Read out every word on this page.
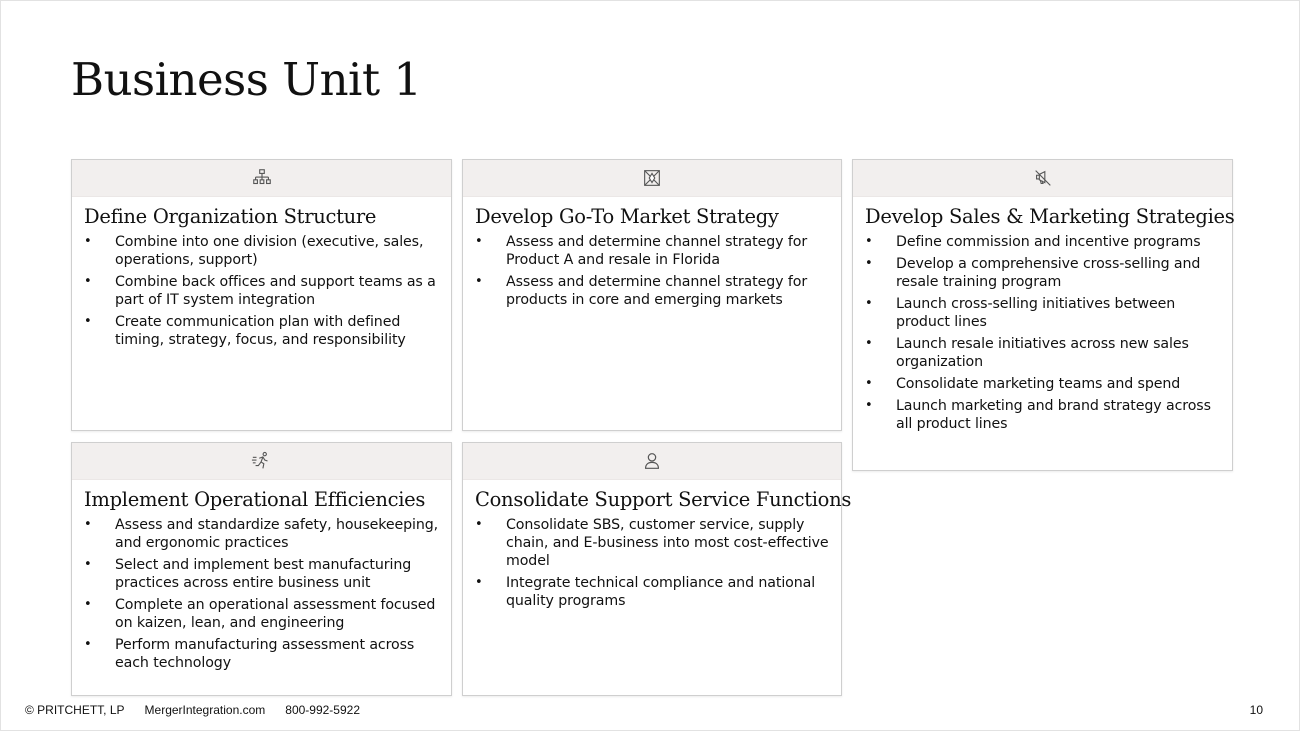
Business Unit 1
Define Organization Structure
• Combine into one division (executive, sales, operations, support)
• Combine back offices and support teams as a part of IT system integration
• Create communication plan with defined timing, strategy, focus, and responsibility
Develop Go-To Market Strategy
• Assess and determine channel strategy for Product A and resale in Florida
• Assess and determine channel strategy for products in core and emerging markets
Develop Sales & Marketing Strategies
• Define commission and incentive programs
• Develop a comprehensive cross-selling and resale training program
• Launch cross-selling initiatives between product lines
• Launch resale initiatives across new sales organization
• Consolidate marketing teams and spend
• Launch marketing and brand strategy across all product lines
Implement Operational Efficiencies
• Assess and standardize safety, housekeeping, and ergonomic practices
• Select and implement best manufacturing practices across entire business unit
• Complete an operational assessment focused on kaizen, lean, and engineering
• Perform manufacturing assessment across each technology
Consolidate Support Service Functions
• Consolidate SBS, customer service, supply chain, and E-business into most cost-effective model
• Integrate technical compliance and national quality programs
© PRITCHETT, LP MergerIntegration.com 800-992-5922	10
